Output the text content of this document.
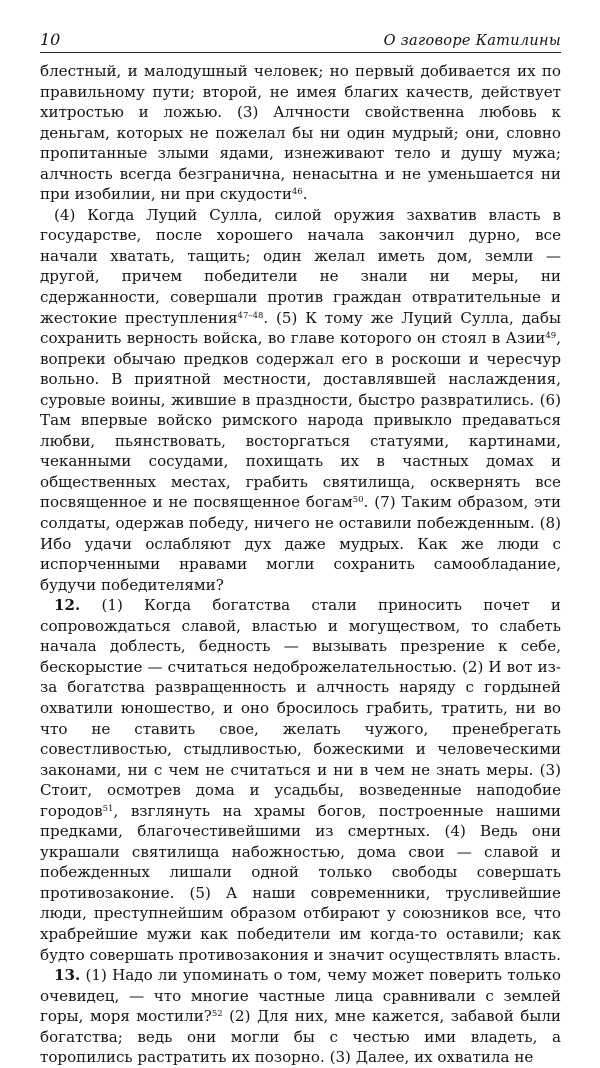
10	О заговоре Катилины

блестный, и малодушный человек; но первый добивается их по правильному пути; второй, не имея благих качеств, действует хитростью и ложью. (3) Алчности свойственна любовь к деньгам, которых не пожелал бы ни один мудрый; они, словно пропитанные злыми ядами, изнеживают тело и душу мужа; алчность всегда безгранична, ненасытна и не уменьшается ни при изобилии, ни при скудости$^{46}$.

(4) Когда Луций Сулла, силой оружия захватив власть в государстве, после хорошего начала закончил дурно, все начали хватать, тащить; один желал иметь дом, земли — другой, причем победители не знали ни меры, ни сдержанности, совершали против граждан отвратительные и жестокие преступления$^{47-48}$. (5) К тому же Луций Сулла, дабы сохранить верность войска, во главе которого он стоял в Азии$^{49}$, вопреки обычаю предков содержал его в роскоши и чересчур вольно. В приятной местности, доставлявшей наслаждения, суровые воины, жившие в праздности, быстро развратились. (6) Там впервые войско римского народа привыкло предаваться любви, пьянствовать, восторгаться статуями, картинами, чеканными сосудами, похищать их в частных домах и общественных местах, грабить святилища, осквернять все посвященное и не посвященное богам$^{50}$. (7) Таким образом, эти солдаты, одержав победу, ничего не оставили побежденным. (8) Ибо удачи ослабляют дух даже мудрых. Как же люди с испорченными нравами могли сохранить самообладание, будучи победителями?

12. (1) Когда богатства стали приносить почет и сопровождаться славой, властью и могуществом, то слабеть начала доблесть, бедность — вызывать презрение к себе, бескорыстие — считаться недоброжелательностью. (2) И вот из-за богатства развращенность и алчность наряду с гордыней охватили юношество, и оно бросилось грабить, тратить, ни во что не ставить свое, желать чужого, пренебрегать совестливостью, стыдливостью, божескими и человеческими законами, ни с чем не считаться и ни в чем не знать меры. (3) Стоит, осмотрев дома и усадьбы, возведенные наподобие городов$^{51}$, взглянуть на храмы богов, построенные нашими предками, благочестивейшими из смертных. (4) Ведь они украшали святилища набожностью, дома свои — славой и побежденных лишали одной только свободы совершать противозаконие. (5) А наши современники, трусливейшие люди, преступнейшим образом отбирают у союзников все, что храбрейшие мужи как победители им когда-то оставили; как будто совершать противозакония и значит осуществлять власть.

13. (1) Надо ли упоминать о том, чему может поверить только очевидец, — что многие частные лица сравнивали с землей горы, моря мостили?$^{52}$ (2) Для них, мне кажется, забавой были богатства; ведь они могли бы с честью ими владеть, а торопились растратить их позорно. (3) Далее, их охватила не
